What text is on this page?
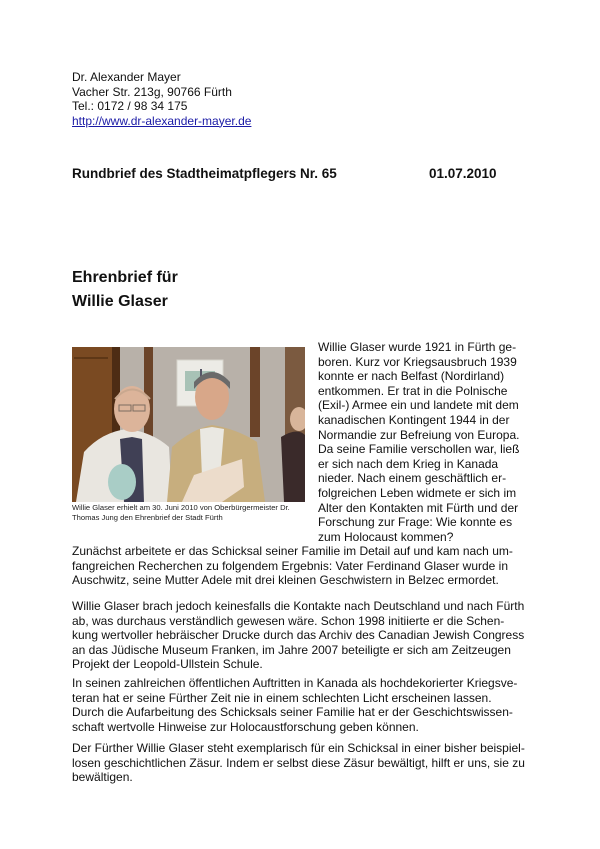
Dr. Alexander Mayer
Vacher Str. 213g, 90766 Fürth
Tel.: 0172 / 98 34 175
http://www.dr-alexander-mayer.de
Rundbrief des Stadtheimatpflegers Nr. 65	01.07.2010
Ehrenbrief für
Willie Glaser
Willie Glaser erhielt am 30. Juni 2010 von Oberbürgermeister Dr.
Thomas Jung den Ehrenbrief der Stadt Fürth
Willie Glaser wurde 1921 in Fürth ge-
boren. Kurz vor Kriegsausbruch 1939
konnte er nach Belfast (Nordirland)
entkommen. Er trat in die Polnische
(Exil-) Armee ein und landete mit dem
kanadischen Kontingent 1944 in der
Normandie zur Befreiung von Europa.
Da seine Familie verschollen war, ließ
er sich nach dem Krieg in Kanada
nieder. Nach einem geschäftlich er-
folgreichen Leben widmete er sich im
Alter den Kontakten mit Fürth und der
Forschung zur Frage: Wie konnte es
zum Holocaust kommen?
Zunächst arbeitete er das Schicksal seiner Familie im Detail auf und kam nach um-
fangreichen Recherchen zu folgendem Ergebnis: Vater Ferdinand Glaser wurde in
Auschwitz, seine Mutter Adele mit drei kleinen Geschwistern in Belzec ermordet.
Willie Glaser brach jedoch keinesfalls die Kontakte nach Deutschland und nach Fürth
ab, was durchaus verständlich gewesen wäre. Schon 1998 initiierte er die Schen-
kung wertvoller hebräischer Drucke durch das Archiv des Canadian Jewish Congress
an das Jüdische Museum Franken, im Jahre 2007 beteiligte er sich am Zeitzeugen
Projekt der Leopold-Ullstein Schule.
In seinen zahlreichen öffentlichen Auftritten in Kanada als hochdekorierter Kriegsve-
teran hat er seine Fürther Zeit nie in einem schlechten Licht erscheinen lassen.
Durch die Aufarbeitung des Schicksals seiner Familie hat er der Geschichtswissen-
schaft wertvolle Hinweise zur Holocaustforschung geben können.
Der Fürther Willie Glaser steht exemplarisch für ein Schicksal in einer bisher beispiel-
losen geschichtlichen Zäsur. Indem er selbst diese Zäsur bewältigt, hilft er uns, sie zu
bewältigen.
